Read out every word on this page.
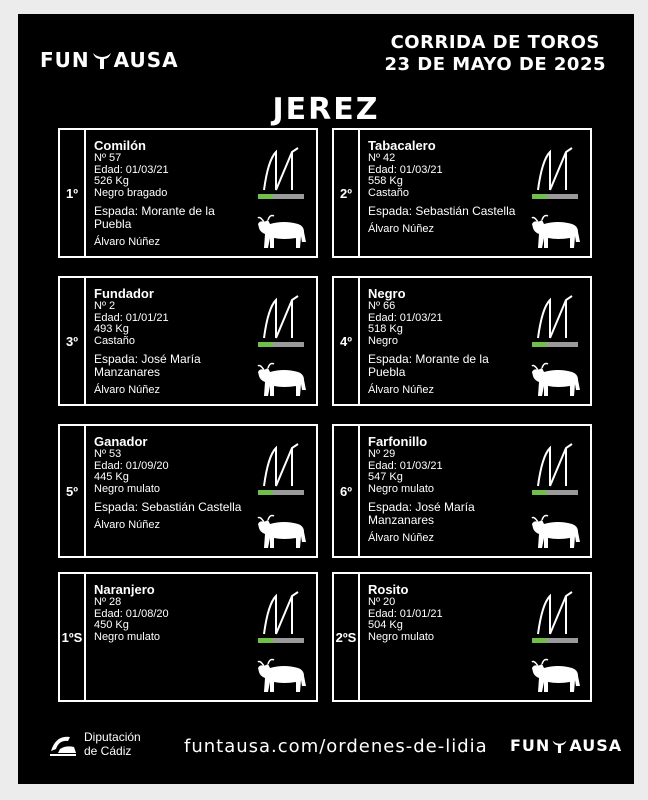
FUN AUSA
CORRIDA DE TOROS
23 DE MAYO DE 2025
JEREZ
1º
Comilón
Nº 57
Edad: 01/03/21
526 Kg
Negro bragado
Espada: Morante de la Puebla
Álvaro Núñez
2º
Tabacalero
Nº 42
Edad: 01/03/21
558 Kg
Castaño
Espada: Sebastián Castella
Álvaro Núñez
3º
Fundador
Nº 2
Edad: 01/01/21
493 Kg
Castaño
Espada: José María Manzanares
Álvaro Núñez
4º
Negro
Nº 66
Edad: 01/03/21
518 Kg
Negro
Espada: Morante de la Puebla
Álvaro Núñez
5º
Ganador
Nº 53
Edad: 01/09/20
445 Kg
Negro mulato
Espada: Sebastián Castella
Álvaro Núñez
6º
Farfonillo
Nº 29
Edad: 01/03/21
547 Kg
Negro mulato
Espada: José María Manzanares
Álvaro Núñez
1ºS
Naranjero
Nº 28
Edad: 01/08/20
450 Kg
Negro mulato	2ºS
Rosito
Nº 20
Edad: 01/01/21
504 Kg
Negro mulato
Diputación
de Cádiz	funtausa.com/ordenes-de-lidia FUN AUSA
